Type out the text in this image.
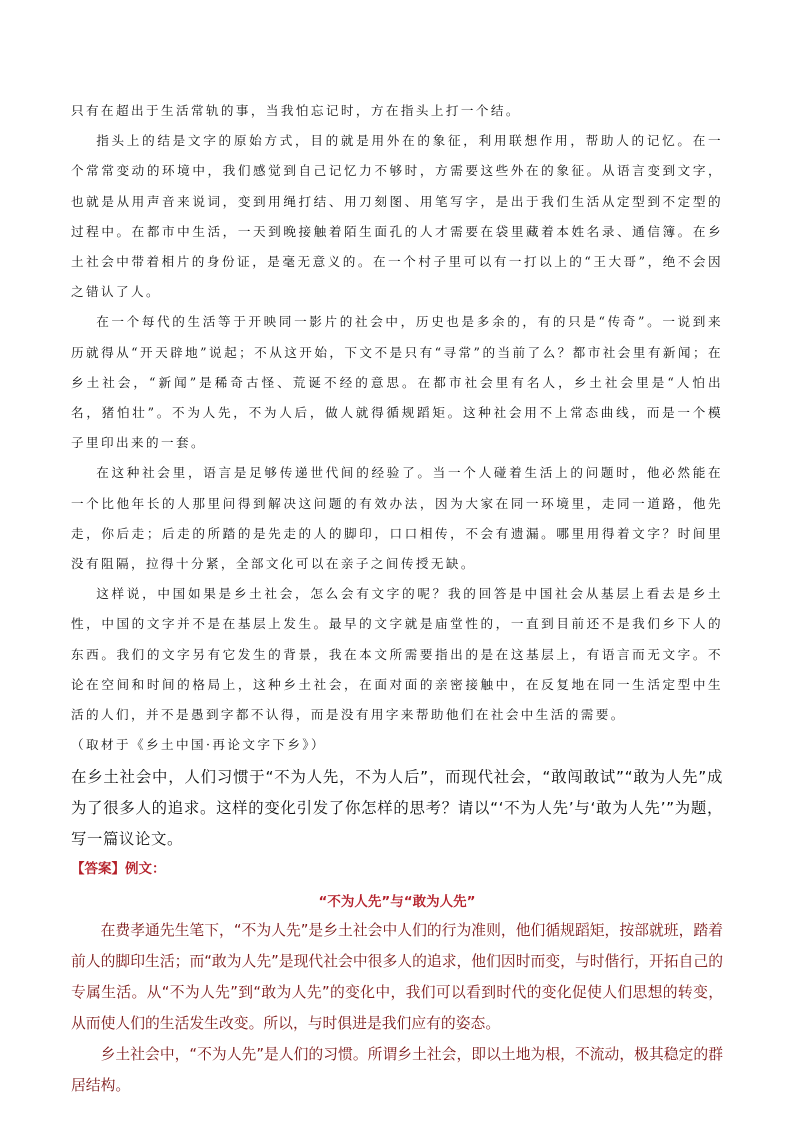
只有在超出于生活常轨的事，当我怕忘记时，方在指头上打一个结。

指头上的结是文字的原始方式，目的就是用外在的象征，利用联想作用，帮助人的记忆。在一个常常变动的环境中，我们感觉到自己记忆力不够时，方需要这些外在的象征。从语言变到文字，也就是从用声音来说词，变到用绳打结、用刀刻图、用笔写字，是出于我们生活从定型到不定型的过程中。在都市中生活，一天到晚接触着陌生面孔的人才需要在袋里藏着本姓名录、通信簿。在乡土社会中带着相片的身份证，是毫无意义的。在一个村子里可以有一打以上的“王大哥”，绝不会因之错认了人。

在一个每代的生活等于开映同一影片的社会中，历史也是多余的，有的只是“传奇”。一说到来历就得从“开天辟地”说起；不从这开始，下文不是只有“寻常”的当前了么？都市社会里有新闻；在乡土社会，“新闻”是稀奇古怪、荒诞不经的意思。在都市社会里有名人，乡土社会里是“人怕出名，猪怕壮”。不为人先，不为人后，做人就得循规蹈矩。这种社会用不上常态曲线，而是一个模子里印出来的一套。

在这种社会里，语言是足够传递世代间的经验了。当一个人碰着生活上的问题时，他必然能在一个比他年长的人那里问得到解决这问题的有效办法，因为大家在同一环境里，走同一道路，他先走，你后走；后走的所踏的是先走的人的脚印，口口相传，不会有遗漏。哪里用得着文字？时间里没有阻隔，拉得十分紧，全部文化可以在亲子之间传授无缺。

这样说，中国如果是乡土社会，怎么会有文字的呢？我的回答是中国社会从基层上看去是乡土性，中国的文字并不是在基层上发生。最早的文字就是庙堂性的，一直到目前还不是我们乡下人的东西。我们的文字另有它发生的背景，我在本文所需要指出的是在这基层上，有语言而无文字。不论在空间和时间的格局上，这种乡土社会，在面对面的亲密接触中，在反复地在同一生活定型中生活的人们，并不是愚到字都不认得，而是没有用字来帮助他们在社会中生活的需要。

（取材于《乡土中国·再论文字下乡》）

在乡土社会中，人们习惯于“不为人先，不为人后”，而现代社会，“敢闯敢试”“敢为人先”成为了很多人的追求。这样的变化引发了你怎样的思考？请以“‘不为人先’与‘敢为人先’”为题，写一篇议论文。

【答案】例文：

“不为人先”与“敢为人先”

在费孝通先生笔下，“不为人先”是乡土社会中人们的行为准则，他们循规蹈矩，按部就班，踏着前人的脚印生活；而“敢为人先”是现代社会中很多人的追求，他们因时而变，与时偕行，开拓自己的专属生活。从“不为人先”到“敢为人先”的变化中，我们可以看到时代的变化促使人们思想的转变，从而使人们的生活发生改变。所以，与时俱进是我们应有的姿态。

乡土社会中，“不为人先”是人们的习惯。所谓乡土社会，即以土地为根，不流动，极其稳定的群居结构。
